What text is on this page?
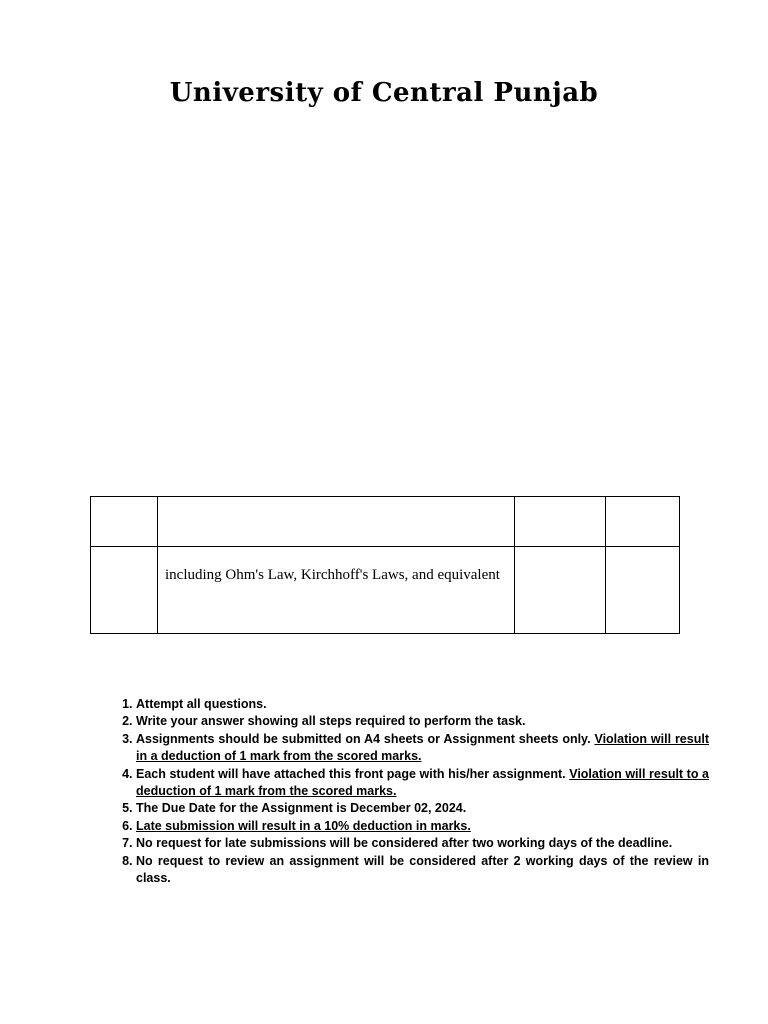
University of Central Punjab

	including Ohm's Law, Kirchhoff's Laws, and equivalent		

1. Attempt all questions.
2. Write your answer showing all steps required to perform the task.
3. Assignments should be submitted on A4 sheets or Assignment sheets only. Violation will result in a deduction of 1 mark from the scored marks.
4. Each student will have attached this front page with his/her assignment. Violation will result to a deduction of 1 mark from the scored marks.
5. The Due Date for the Assignment is December 02, 2024.
6. Late submission will result in a 10% deduction in marks.
7. No request for late submissions will be considered after two working days of the deadline.
8. No request to review an assignment will be considered after 2 working days of the review in class.
